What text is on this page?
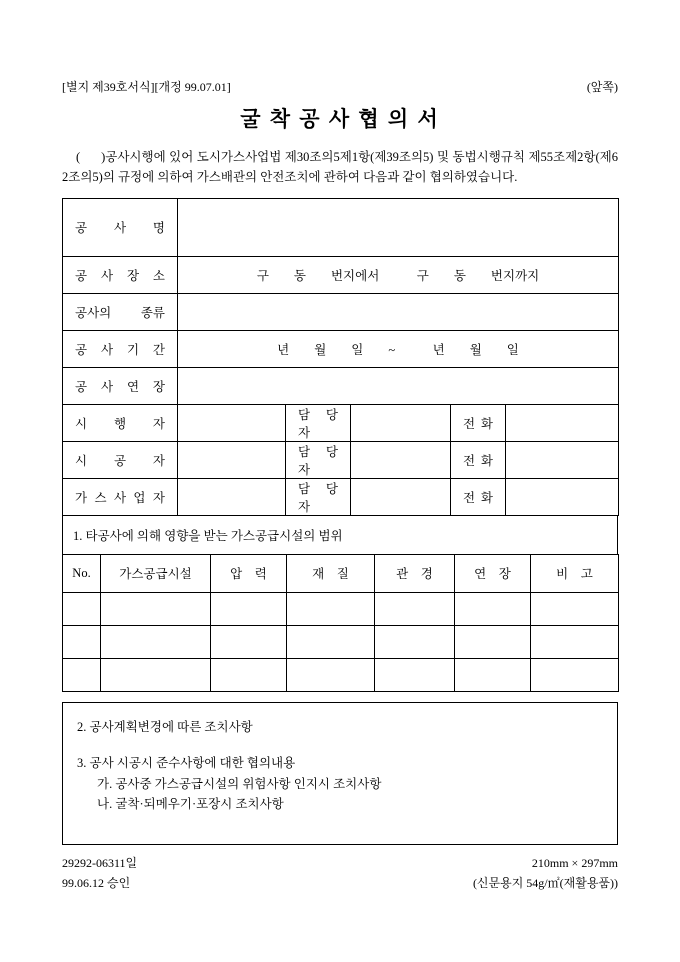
[별지 제39호서식][개정 99.07.01]	(앞쪽)
굴 착 공 사 협 의 서

(      )공사시행에 있어 도시가스사업법 제30조의5제1항(제39조의5) 및 동법시행규칙 제55조제2항(제62조의5)의 규정에 의하여 가스배관의 안전조치에 관하여 다음과 같이 협의하였습니다.

공 사 명					
공 사 장 소	구  동  번지에서   구  동  번지까지				
공사의 종류					
공 사 기 간	년  월  일  ~   년  월  일				
공 사 연 장					
시 행 자		담 당 자		전 화	
시 공 자		담 당 자		전 화	
가 스 사 업 자		담 당 자		전 화	
1. 타공사에 의해 영향을 받는 가스공급시설의 범위
No.	가스공급시설	압 력	재 질	관 경	연 장	비 고

2. 공사계획변경에 따른 조치사항
3. 공사 시공시 준수사항에 대한 협의내용
가. 공사중 가스공급시설의 위험사항 인지시 조치사항
나. 굴착·되메우기·포장시 조치사항
29292-06311일	210mm × 297mm
99.06.12 승인	(신문용지 54g/㎡(재활용품))
